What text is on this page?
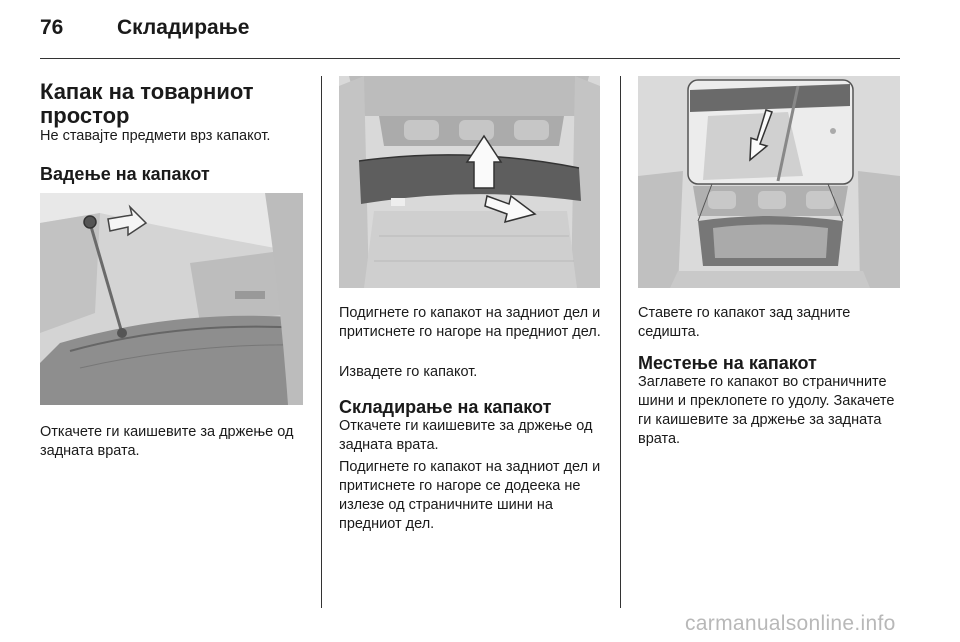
76	Складирање
Капак на товарниот простор
Не ставајте предмети врз капакот.
Вадење на капакот
Откачете ги каишевите за држење од задната врата.
Подигнете го капакот на задниот дел и притиснете го нагоре на предниот дел.
Извадете го капакот.
Складирање на капакот
Откачете ги каишевите за држење од задната врата.
Подигнете го капакот на задниот дел и притиснете го нагоре се додеека не излезе од страничните шини на предниот дел.
Ставете го капакот зад задните седишта.
Местење на капакот
Заглавете го капакот во страничните шини и преклопете го удолу. Закачете ги каишевите за држење за задната врата.
carmanualsonline.info
